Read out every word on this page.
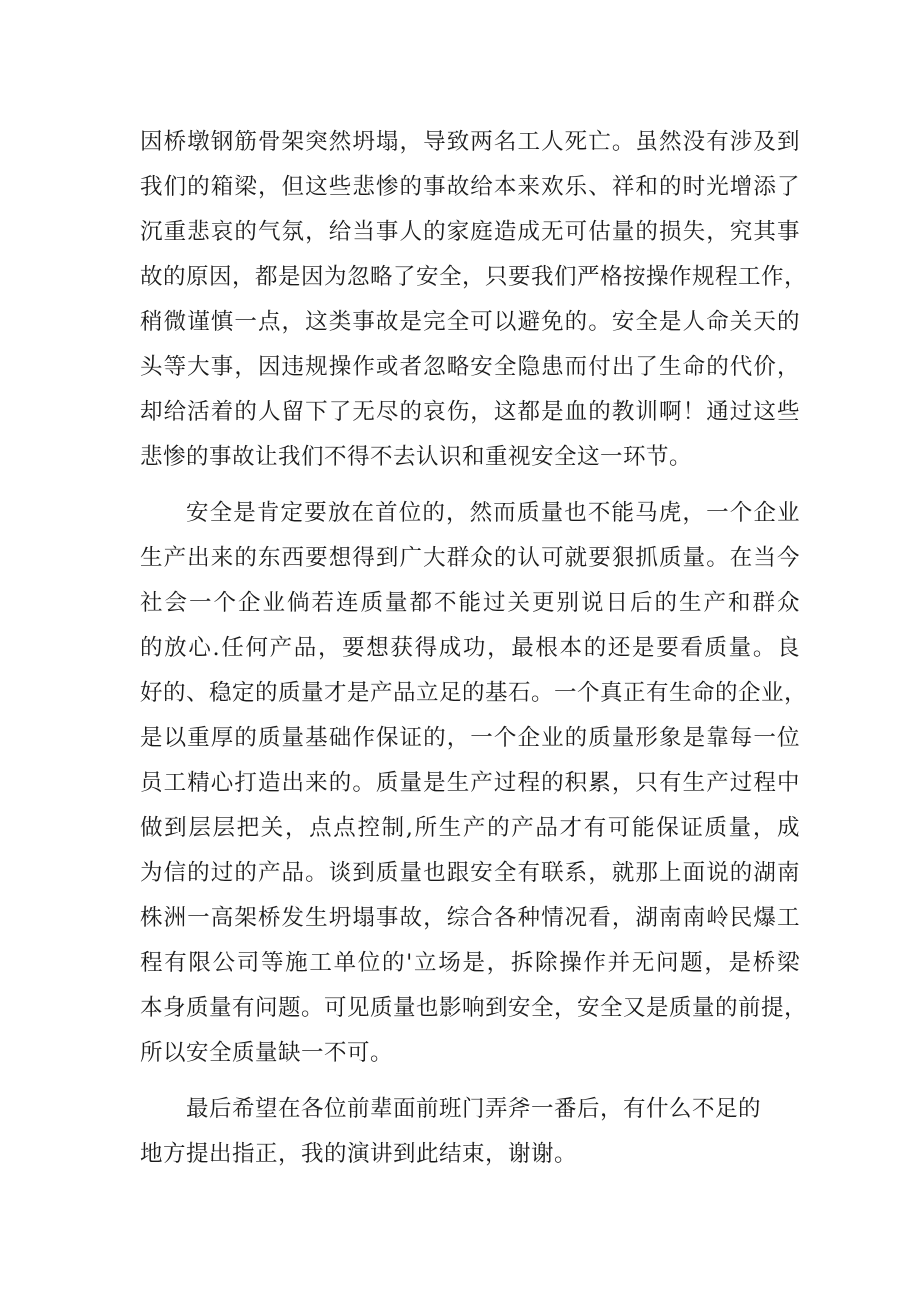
因桥墩钢筋骨架突然坍塌，导致两名工人死亡。虽然没有涉及到
我们的箱梁，但这些悲惨的事故给本来欢乐、祥和的时光增添了
沉重悲哀的气氛，给当事人的家庭造成无可估量的损失，究其事
故的原因，都是因为忽略了安全，只要我们严格按操作规程工作，
稍微谨慎一点，这类事故是完全可以避免的。安全是人命关天的
头等大事，因违规操作或者忽略安全隐患而付出了生命的代价，
却给活着的人留下了无尽的哀伤，这都是血的教训啊！通过这些
悲惨的事故让我们不得不去认识和重视安全这一环节。
安全是肯定要放在首位的，然而质量也不能马虎，一个企业
生产出来的东西要想得到广大群众的认可就要狠抓质量。在当今
社会一个企业倘若连质量都不能过关更别说日后的生产和群众
的放心.任何产品，要想获得成功，最根本的还是要看质量。良
好的、稳定的质量才是产品立足的基石。一个真正有生命的企业，
是以重厚的质量基础作保证的，一个企业的质量形象是靠每一位
员工精心打造出来的。质量是生产过程的积累，只有生产过程中
做到层层把关，点点控制,所生产的产品才有可能保证质量，成
为信的过的产品。谈到质量也跟安全有联系，就那上面说的湖南
株洲一高架桥发生坍塌事故，综合各种情况看，湖南南岭民爆工
程有限公司等施工单位的'立场是，拆除操作并无问题，是桥梁
本身质量有问题。可见质量也影响到安全，安全又是质量的前提，
所以安全质量缺一不可。
最后希望在各位前辈面前班门弄斧一番后，有什么不足的
地方提出指正，我的演讲到此结束，谢谢。
